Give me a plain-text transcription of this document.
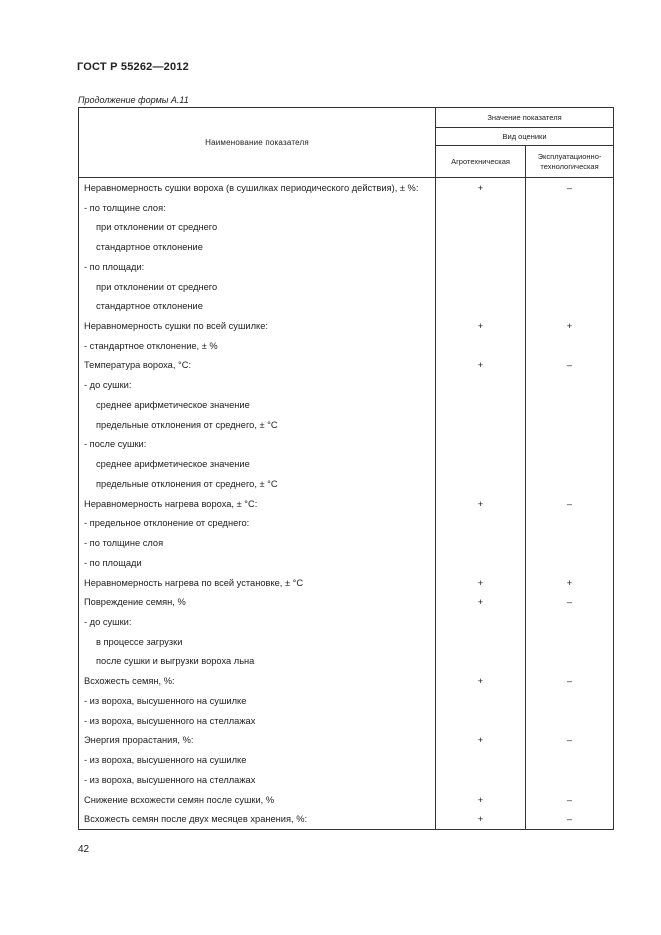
ГОСТ Р 55262—2012
Продолжение формы А.11
Наименование показателя	Значение показателя	
	Вид оценики	
	Агротехническая	Эксплуатационно-
технологическая
Неравномерность сушки вороха (в сушилках периодического действия), ± %:	+	–
- по толщине слоя:		
при отклонении от среднего		
стандартное отклонение		
- по площади:		
при отклонении от среднего		
стандартное отклонение		
Неравномерность сушки по всей сушилке:	+	+
- стандартное отклонение, ± %		
Температура вороха, °С:	+	–
- до сушки:		
среднее арифметическое значение		
предельные отклонения от среднего, ± °С		
- после сушки:		
среднее арифметическое значение		
предельные отклонения от среднего, ± °С		
Неравномерность нагрева вороха, ± °С:	+	–
- предельное отклонение от среднего:		
- по толщине слоя		
- по площади		
Неравномерность нагрева по всей установке, ± °С	+	+
Повреждение семян, %	+	–
- до сушки:		
в процессе загрузки		
после сушки и выгрузки вороха льна		
Всхожесть семян, %:	+	–
- из вороха, высушенного на сушилке		
- из вороха, высушенного на стеллажах		
Энергия прорастания, %:	+	–
- из вороха, высушенного на сушилке		
- из вороха, высушенного на стеллажах		
Снижение всхожести семян после сушки, %	+	–
Всхожесть семян после двух месяцев хранения, %:	+	–
42
